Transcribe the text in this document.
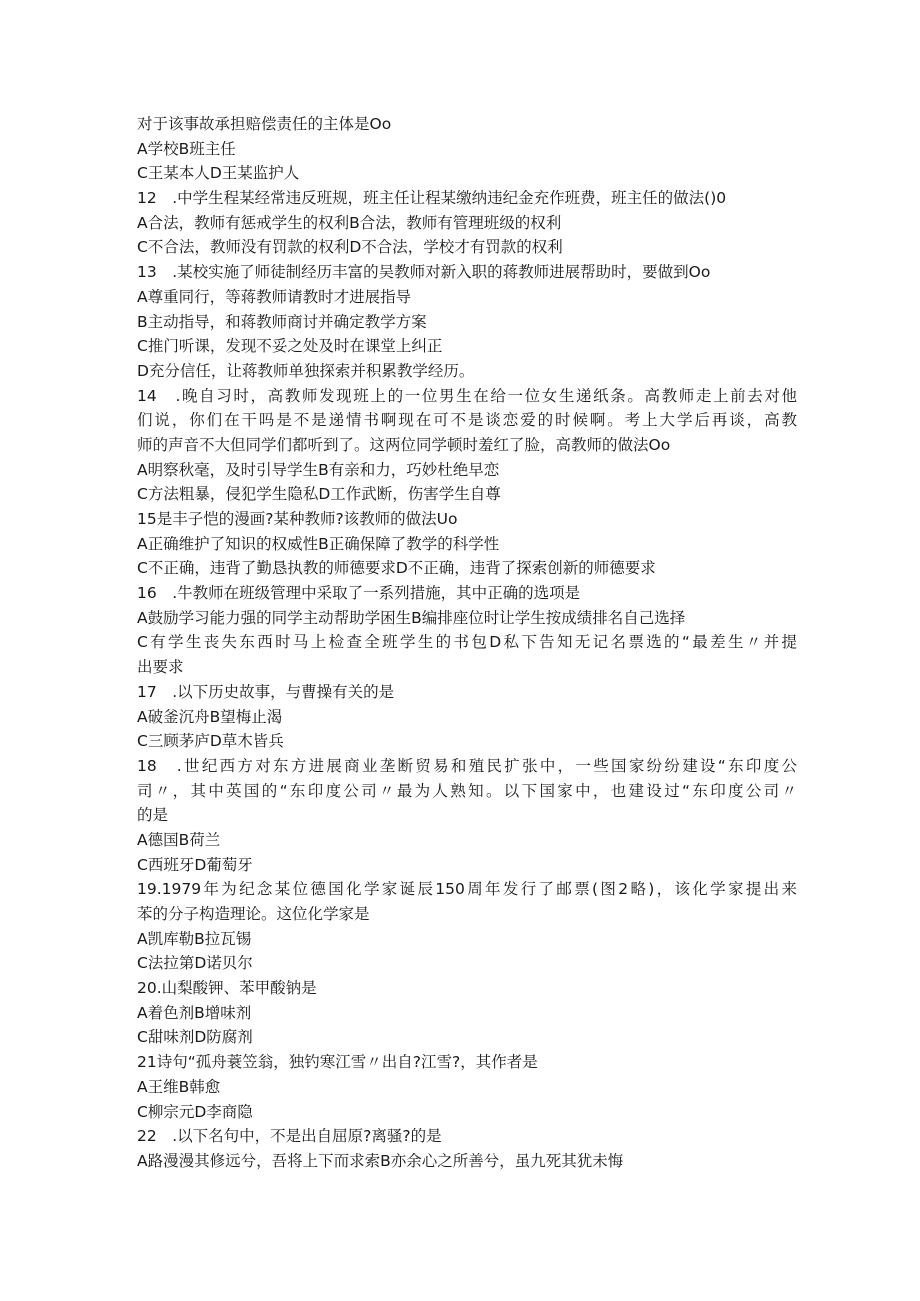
对于该事故承担赔偿责任的主体是Oo
A学校B班主任
C王某本人D王某监护人
12　.中学生程某经常违反班规，班主任让程某缴纳违纪金充作班费，班主任的做法()0
A合法，教师有惩戒学生的权利B合法，教师有管理班级的权利
C不合法，教师没有罚款的权利D不合法，学校才有罚款的权利
13　.某校实施了师徒制经历丰富的吴教师对新入职的蒋教师进展帮助时，要做到Oo
A尊重同行，等蒋教师请教时才进展指导
B主动指导，和蒋教师商讨并确定教学方案
C推门听课，发现不妥之处及时在课堂上纠正
D充分信任，让蒋教师单独探索并积累教学经历。
14　.晚自习时，高教师发现班上的一位男生在给一位女生递纸条。高教师走上前去对他
们说，你们在干吗是不是递情书啊现在可不是谈恋爱的时候啊。考上大学后再谈，高教
师的声音不大但同学们都听到了。这两位同学顿时羞红了脸，高教师的做法Oo
A明察秋毫，及时引导学生B有亲和力，巧妙杜绝早恋
C方法粗暴，侵犯学生隐私D工作武断，伤害学生自尊
15是丰子恺的漫画?某种教师?该教师的做法Uo
A正确维护了知识的权威性B正确保障了教学的科学性
C不正确，违背了勤恳执教的师德要求D不正确，违背了探索创新的师德要求
16　.牛教师在班级管理中采取了一系列措施，其中正确的选项是
A鼓励学习能力强的同学主动帮助学困生B编排座位时让学生按成绩排名自己选择
C有学生丧失东西时马上检查全班学生的书包D私下告知无记名票选的“最差生〃并提
出要求
17　.以下历史故事，与曹操有关的是
A破釜沉舟B望梅止渴
C三顾茅庐D草木皆兵
18　.世纪西方对东方进展商业垄断贸易和殖民扩张中，一些国家纷纷建设“东印度公
司〃，其中英国的“东印度公司〃最为人熟知。以下国家中，也建设过“东印度公司〃
的是
A德国B荷兰
C西班牙D葡萄牙
19.1979年为纪念某位德国化学家诞辰150周年发行了邮票(图2略)，该化学家提出来
苯的分子构造理论。这位化学家是
A凯库勒B拉瓦锡
C法拉第D诺贝尔
20.山梨酸钾、苯甲酸钠是
A着色剂B增味剂
C甜味剂D防腐剂
21诗句“孤舟蓑笠翁，独钓寒江雪〃出自?江雪?，其作者是
A王维B韩愈
C柳宗元D李商隐
22　.以下名句中，不是出自屈原?离骚?的是
A路漫漫其修远兮，吾将上下而求索B亦余心之所善兮，虽九死其犹未悔
